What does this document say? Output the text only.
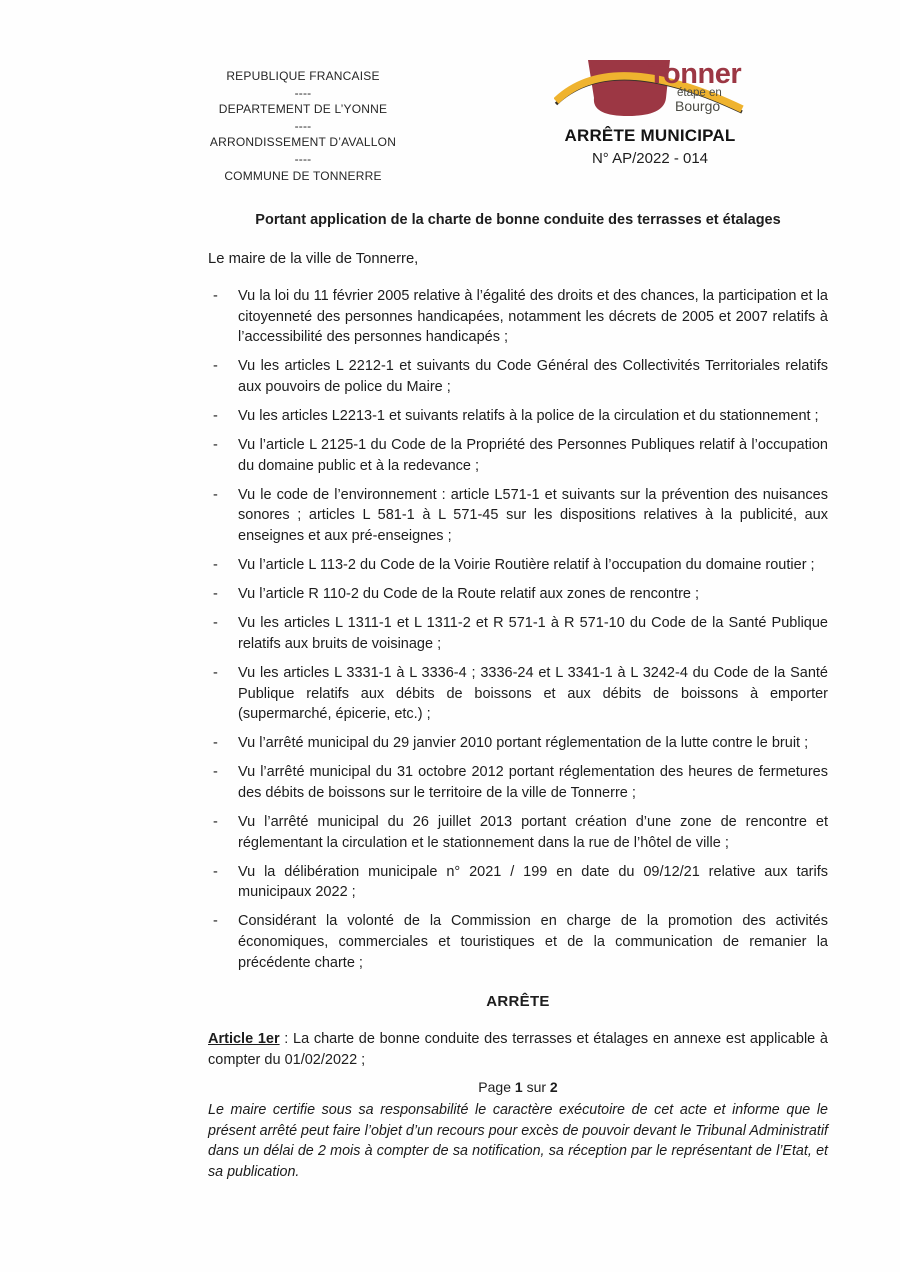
REPUBLIQUE FRANCAISE
----
DEPARTEMENT DE L’YONNE
----
ARRONDISSEMENT D’AVALLON
----
COMMUNE DE TONNERRE
Tonner
étape en
Bourgo
ARRÊTE MUNICIPAL
N° AP/2022 - 014
Portant application de la charte de bonne conduite des terrasses et étalages
Le maire de la ville de Tonnerre,
-	Vu la loi du 11 février 2005 relative à l’égalité des droits et des chances, la participation et la citoyenneté des personnes handicapées, notamment les décrets de 2005 et 2007 relatifs à l’accessibilité des personnes handicapés ;
-	Vu les articles L 2212-1 et suivants du Code Général des Collectivités Territoriales relatifs aux pouvoirs de police du Maire ;
-	Vu les articles L2213-1 et suivants relatifs à la police de la circulation et du stationnement ;
-	Vu l’article L 2125-1 du Code de la Propriété des Personnes Publiques relatif à l’occupation du domaine public et à la redevance ;
-	Vu le code de l’environnement : article L571-1 et suivants sur la prévention des nuisances sonores ; articles L 581-1 à L 571-45 sur les dispositions relatives à la publicité, aux enseignes et aux pré-enseignes ;
-	Vu l’article L 113-2 du Code de la Voirie Routière relatif à l’occupation du domaine routier ;
-	Vu l’article R 110-2 du Code de la Route relatif aux zones de rencontre ;
-	Vu les articles L 1311-1 et L 1311-2 et R 571-1 à R 571-10 du Code de la Santé Publique relatifs aux bruits de voisinage ;
-	Vu les articles L 3331-1 à L 3336-4 ; 3336-24 et L 3341-1 à L 3242-4 du Code de la Santé Publique relatifs aux débits de boissons et aux débits de boissons à emporter (supermarché, épicerie, etc.) ;
-	Vu l’arrêté municipal du 29 janvier 2010 portant réglementation de la lutte contre le bruit ;
-	Vu l’arrêté municipal du 31 octobre 2012 portant réglementation des heures de fermetures des débits de boissons sur le territoire de la ville de Tonnerre ;
-	Vu l’arrêté municipal du 26 juillet 2013 portant création d’une zone de rencontre et réglementant la circulation et le stationnement dans la rue de l’hôtel de ville ;
-	Vu la délibération municipale n° 2021 / 199 en date du 09/12/21 relative aux tarifs municipaux 2022 ;
-	Considérant la volonté de la Commission en charge de la promotion des activités économiques, commerciales et touristiques et de la communication de remanier la précédente charte ;
ARRÊTE

Article 1er : La charte de bonne conduite des terrasses et étalages en annexe est applicable à compter du 01/02/2022 ;

Page 1 sur 2

Le maire certifie sous sa responsabilité le caractère exécutoire de cet acte et informe que le présent arrêté peut faire l’objet d’un recours pour excès de pouvoir devant le Tribunal Administratif dans un délai de 2 mois à compter de sa notification, sa réception par le représentant de l’Etat, et sa publication.
